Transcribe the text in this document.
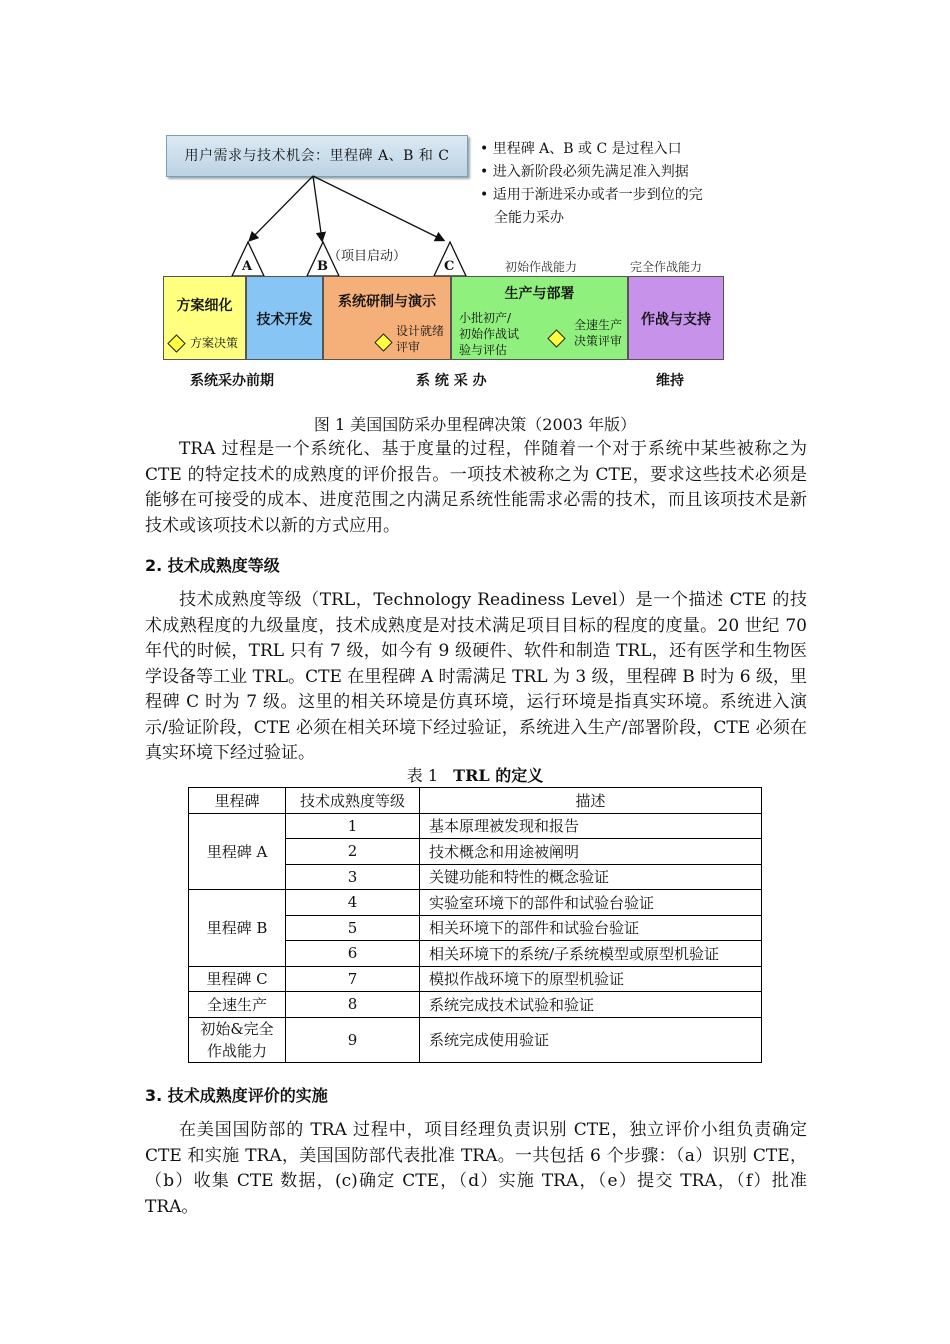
用户需求与技术机会：里程碑 A、B 和 C	• 里程碑 A、B 或 C 是过程入口
• 进入新阶段必须先满足准入判据
• 适用于渐进采办或者一步到位的完
全能力采办
A	B	C
（项目启动）
初始作战能力	完全作战能力
方案细化
方案决策
技术开发
系统研制与演示
设计就绪
评审
生产与部署
小批初产/
初始作战试
验与评估
全速生产
决策评审
作战与支持
系统采办前期	系 统 采 办	维持
图 1 美国国防采办里程碑决策（2003 年版）

TRA 过程是一个系统化、基于度量的过程，伴随着一个对于系统中某些被称之为 CTE 的特定技术的成熟度的评价报告。一项技术被称之为 CTE，要求这些技术必须是能够在可接受的成本、进度范围之内满足系统性能需求必需的技术，而且该项技术是新技术或该项技术以新的方式应用。

2. 技术成熟度等级

技术成熟度等级（TRL，Technology Readiness Level）是一个描述 CTE 的技术成熟程度的九级量度，技术成熟度是对技术满足项目目标的程度的度量。20 世纪 70 年代的时候，TRL 只有 7 级，如今有 9 级硬件、软件和制造 TRL，还有医学和生物医学设备等工业 TRL。CTE 在里程碑 A 时需满足 TRL 为 3 级，里程碑 B 时为 6 级，里程碑 C 时为 7 级。这里的相关环境是仿真环境，运行环境是指真实环境。系统进入演示/验证阶段，CTE 必须在相关环境下经过验证，系统进入生产/部署阶段，CTE 必须在真实环境下经过验证。

表 1 TRL 的定义
里程碑	技术成熟度等级	描述
里程碑 A	1	基本原理被发现和报告
	2	技术概念和用途被阐明
	3	关键功能和特性的概念验证
里程碑 B	4	实验室环境下的部件和试验台验证
	5	相关环境下的部件和试验台验证
	6	相关环境下的系统/子系统模型或原型机验证
里程碑 C	7	模拟作战环境下的原型机验证
全速生产	8	系统完成技术试验和验证

初始&完全
作战能力	9	系统完成使用验证
3. 技术成熟度评价的实施

在美国国防部的 TRA 过程中，项目经理负责识别 CTE，独立评价小组负责确定 CTE 和实施 TRA，美国国防部代表批准 TRA。一共包括 6 个步骤：（a）识别 CTE，（b）收集 CTE 数据，(c)确定 CTE，（d）实施 TRA，（e）提交 TRA，（f）批准 TRA。
